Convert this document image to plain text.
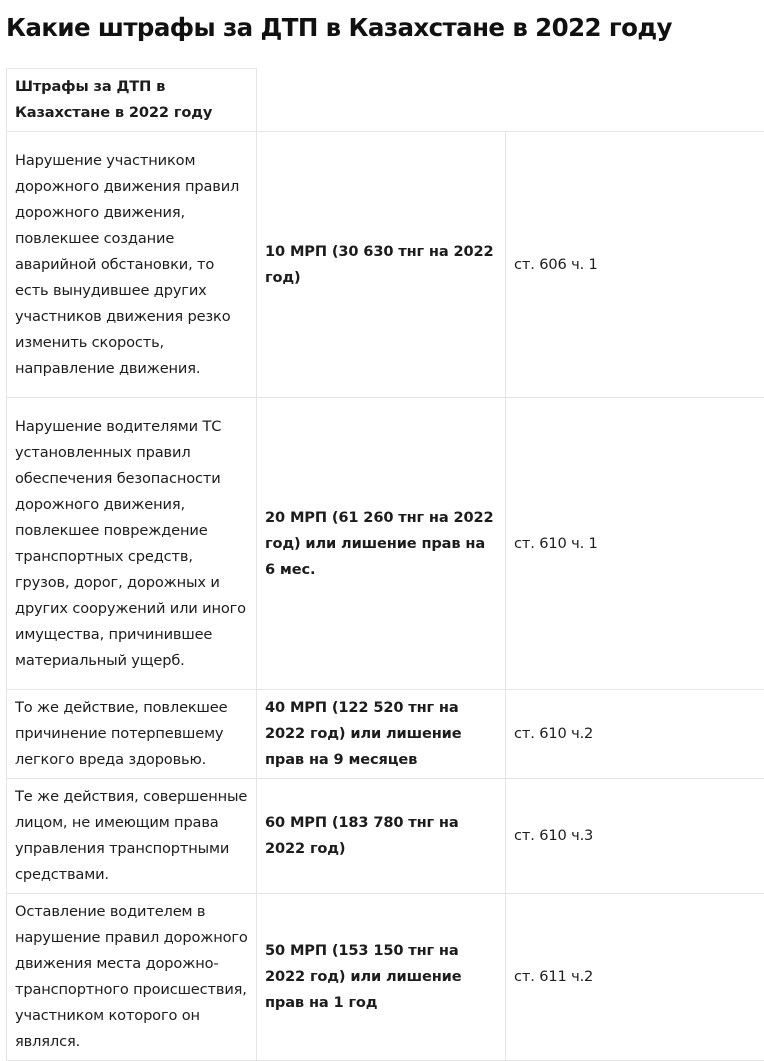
Какие штрафы за ДТП в Казахстане в 2022 году
Штрафы за ДТП в Казахстане в 2022 году		
Нарушение участником дорожного движения правил дорожного движения, повлекшее создание аварийной обстановки, то есть вынудившее других участников движения резко изменить скорость, направление движения.	10 МРП (30 630 тнг на 2022 год)	ст. 606 ч. 1
Нарушение водителями ТС установленных правил обеспечения безопасности дорожного движения, повлекшее повреждение транспортных средств, грузов, дорог, дорожных и других сооружений или иного имущества, причинившее материальный ущерб.	20 МРП (61 260 тнг на 2022 год) или лишение прав на 6 мес.	ст. 610 ч. 1
То же действие, повлекшее причинение потерпевшему легкого вреда здоровью.	40 МРП (122 520 тнг на 2022 год) или лишение прав на 9 месяцев	ст. 610 ч.2
Те же действия, совершенные лицом, не имеющим права управления транспортными средствами.	60 МРП (183 780 тнг на 2022 год)	ст. 610 ч.3
Оставление водителем в нарушение правил дорожного движения места дорожно-транспортного происшествия, участником которого он являлся.	50 МРП (153 150 тнг на 2022 год) или лишение прав на 1 год	ст. 611 ч.2
